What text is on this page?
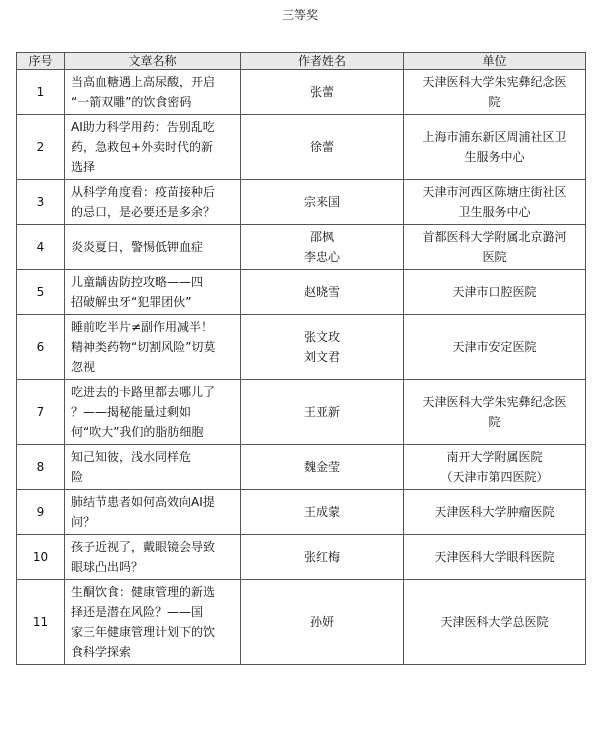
三等奖
序号	文章名称	作者姓名	单位
1	当高血糖遇上高尿酸，开启
“一箭双雕”的饮食密码	张蕾	天津医科大学朱宪彝纪念医
院

2	AI助力科学用药：告别乱吃
药，急救包+外卖时代的新
选择	徐蕾	上海市浦东新区周浦社区卫
生服务中心

3	从科学角度看：疫苗接种后
的忌口，是必要还是多余？	宗来国	天津市河西区陈塘庄街社区
卫生服务中心

4	炎炎夏日，警惕低钾血症	邵枫
李忠心	首都医科大学附属北京潞河
医院

5	儿童龋齿防控攻略——四
招破解虫牙“犯罪团伙”	赵晓雪	天津市口腔医院

6	睡前吃半片≠副作用减半！
精神类药物“切割风险”切莫
忽视	张文玫
刘文君	天津市安定医院

7	吃进去的卡路里都去哪儿了
？——揭秘能量过剩如
何“吹大”我们的脂肪细胞	王亚新	天津医科大学朱宪彝纪念医
院

8	知己知彼，浅水同样危
险	魏金莹	南开大学附属医院
（天津市第四医院）

9	肺结节患者如何高效向AI提
问？	王成蒙	天津医科大学肿瘤医院

10	孩子近视了，戴眼镜会导致
眼球凸出吗？	张红梅	天津医科大学眼科医院

11	生酮饮食：健康管理的新选
择还是潜在风险？——国
家三年健康管理计划下的饮
食科学探索	孙妍	天津医科大学总医院
